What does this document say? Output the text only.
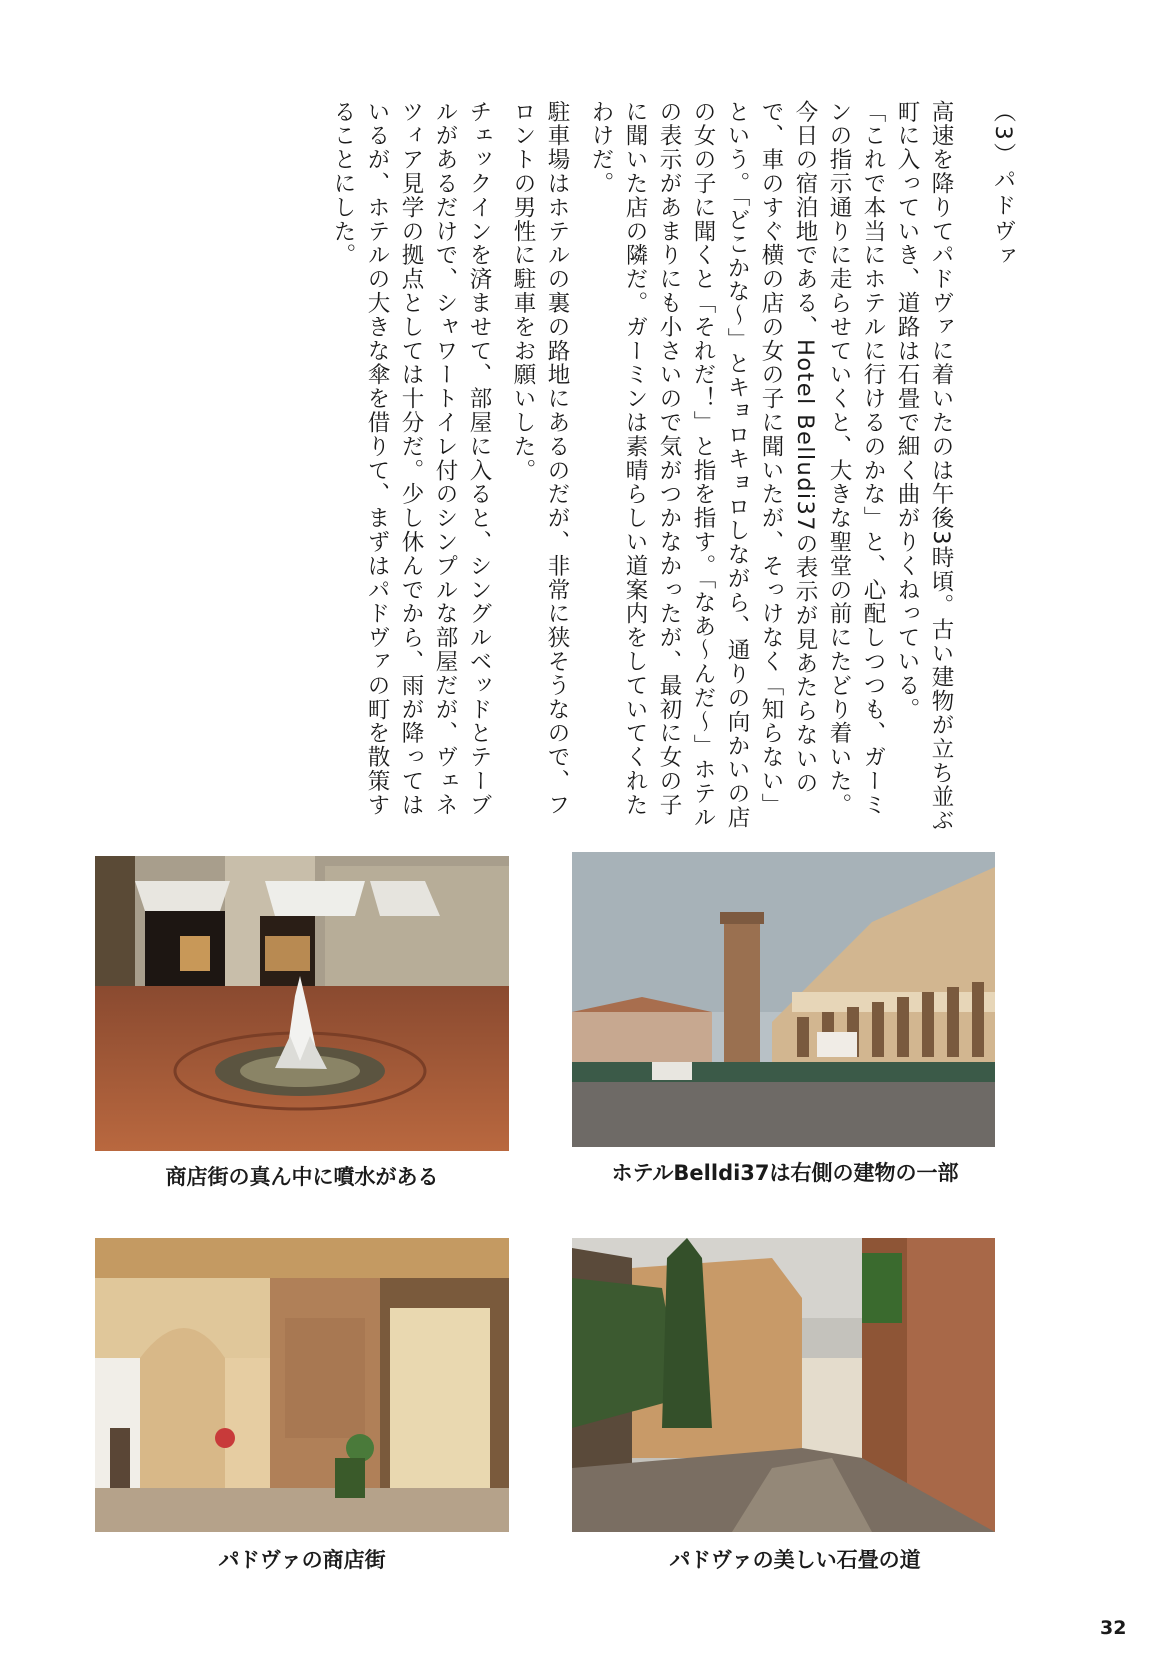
（3）パドヴァ

高速を降りてパドヴァに着いたのは午後3時頃。古い建物が立ち並ぶ町に入っていき、道路は石畳で細く曲がりくねっている。

「これで本当にホテルに行けるのかな」と、心配しつつも、ガーミンの指示通りに走らせていくと、大きな聖堂の前にたどり着いた。

今日の宿泊地である、Hotel Belludi37の表示が見あたらないので、車のすぐ横の店の女の子に聞いたが、そっけなく「知らない」という。「どこかな～」とキョロキョロしながら、通りの向かいの店の女の子に聞くと「それだ！」と指を指す。「なあ～んだ～」ホテルの表示があまりにも小さいので気がつかなかったが、最初に女の子に聞いた店の隣だ。ガーミンは素晴らしい道案内をしていてくれたわけだ。

駐車場はホテルの裏の路地にあるのだが、非常に狭そうなので、フロントの男性に駐車をお願いした。

チェックインを済ませて、部屋に入ると、シングルベッドとテーブルがあるだけで、シャワートイレ付のシンプルな部屋だが、ヴェネツィア見学の拠点としては十分だ。少し休んでから、雨が降ってはいるが、ホテルの大きな傘を借りて、まずはパドヴァの町を散策することにした。

商店街の真ん中に噴水がある	ホテルBelldi37は右側の建物の一部
パドヴァの商店街	パドヴァの美しい石畳の道
32
